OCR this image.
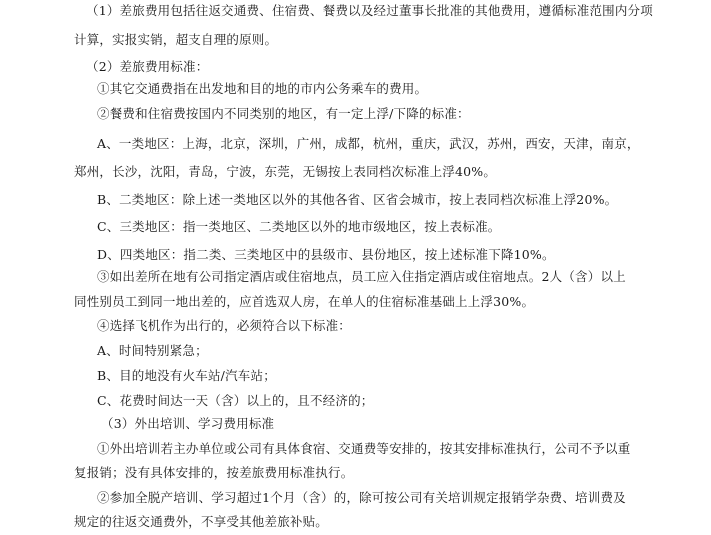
（1）差旅费用包括往返交通费、住宿费、餐费以及经过董事长批准的其他费用，遵循标准范围内分项
计算，实报实销，超支自理的原则。
（2）差旅费用标准：
①其它交通费指在出发地和目的地的市内公务乘车的费用。
②餐费和住宿费按国内不同类别的地区，有一定上浮/下降的标准：
A、一类地区：上海，北京，深圳，广州，成都，杭州，重庆，武汉，苏州，西安，天津，南京，
郑州，长沙，沈阳，青岛，宁波，东莞，无锡按上表同档次标准上浮40%。
B、二类地区：除上述一类地区以外的其他各省、区省会城市，按上表同档次标准上浮20%。
C、三类地区：指一类地区、二类地区以外的地市级地区，按上表标准。
D、四类地区：指二类、三类地区中的县级市、县份地区，按上述标准下降10%。
③如出差所在地有公司指定酒店或住宿地点，员工应入住指定酒店或住宿地点。2人（含）以上
同性别员工到同一地出差的，应首选双人房，在单人的住宿标准基础上上浮30%。
④选择飞机作为出行的，必须符合以下标准：
A、时间特别紧急；
B、目的地没有火车站/汽车站；
C、花费时间达一天（含）以上的，且不经济的；
（3）外出培训、学习费用标准
①外出培训若主办单位或公司有具体食宿、交通费等安排的，按其安排标准执行，公司不予以重
复报销；没有具体安排的，按差旅费用标准执行。
②参加全脱产培训、学习超过1个月（含）的，除可按公司有关培训规定报销学杂费、培训费及
规定的往返交通费外，不享受其他差旅补贴。
